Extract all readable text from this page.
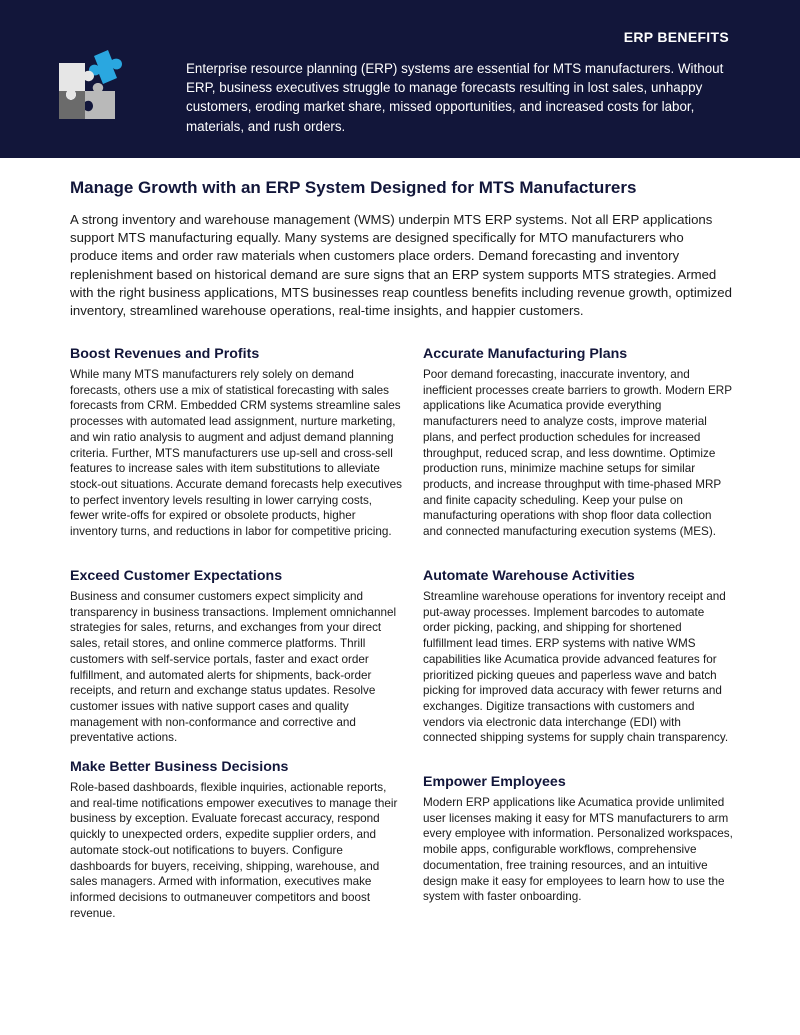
ERP BENEFITS
Enterprise resource planning (ERP) systems are essential for MTS manufacturers. Without ERP, business executives struggle to manage forecasts resulting in lost sales, unhappy customers, eroding market share, missed opportunities, and increased costs for labor, materials, and rush orders.
Manage Growth with an ERP System Designed for MTS Manufacturers

A strong inventory and warehouse management (WMS) underpin MTS ERP systems. Not all ERP applications support MTS manufacturing equally. Many systems are designed specifically for MTO manufacturers who produce items and order raw materials when customers place orders. Demand forecasting and inventory replenishment based on historical demand are sure signs that an ERP system supports MTS strategies. Armed with the right business applications, MTS businesses reap countless benefits including revenue growth, optimized inventory, streamlined warehouse operations, real-time insights, and happier customers.

Boost Revenues and Profits

While many MTS manufacturers rely solely on demand forecasts, others use a mix of statistical forecasting with sales forecasts from CRM. Embedded CRM systems streamline sales processes with automated lead assignment, nurture marketing, and win ratio analysis to augment and adjust demand planning criteria. Further, MTS manufacturers use up-sell and cross-sell features to increase sales with item substitutions to alleviate stock-out situations. Accurate demand forecasts help executives to perfect inventory levels resulting in lower carrying costs, fewer write-offs for expired or obsolete products, higher inventory turns, and reductions in labor for competitive pricing.

Exceed Customer Expectations

Business and consumer customers expect simplicity and transparency in business transactions. Implement omnichannel strategies for sales, returns, and exchanges from your direct sales, retail stores, and online commerce platforms. Thrill customers with self-service portals, faster and exact order fulfillment, and automated alerts for shipments, back-order receipts, and return and exchange status updates. Resolve customer issues with native support cases and quality management with non-conformance and corrective and preventative actions.

Make Better Business Decisions

Role-based dashboards, flexible inquiries, actionable reports, and real-time notifications empower executives to manage their business by exception. Evaluate forecast accuracy, respond quickly to unexpected orders, expedite supplier orders, and automate stock-out notifications to buyers. Configure dashboards for buyers, receiving, shipping, warehouse, and sales managers. Armed with information, executives make informed decisions to outmaneuver competitors and boost revenue.

Accurate Manufacturing Plans

Poor demand forecasting, inaccurate inventory, and inefficient processes create barriers to growth. Modern ERP applications like Acumatica provide everything manufacturers need to analyze costs, improve material plans, and perfect production schedules for increased throughput, reduced scrap, and less downtime. Optimize production runs, minimize machine setups for similar products, and increase throughput with time-phased MRP and finite capacity scheduling. Keep your pulse on manufacturing operations with shop floor data collection and connected manufacturing execution systems (MES).

Automate Warehouse Activities

Streamline warehouse operations for inventory receipt and put-away processes. Implement barcodes to automate order picking, packing, and shipping for shortened fulfillment lead times. ERP systems with native WMS capabilities like Acumatica provide advanced features for prioritized picking queues and paperless wave and batch picking for improved data accuracy with fewer returns and exchanges. Digitize transactions with customers and vendors via electronic data interchange (EDI) with connected shipping systems for supply chain transparency.

Empower Employees

Modern ERP applications like Acumatica provide unlimited user licenses making it easy for MTS manufacturers to arm every employee with information. Personalized workspaces, mobile apps, configurable workflows, comprehensive documentation, free training resources, and an intuitive design make it easy for employees to learn how to use the system with faster onboarding.
